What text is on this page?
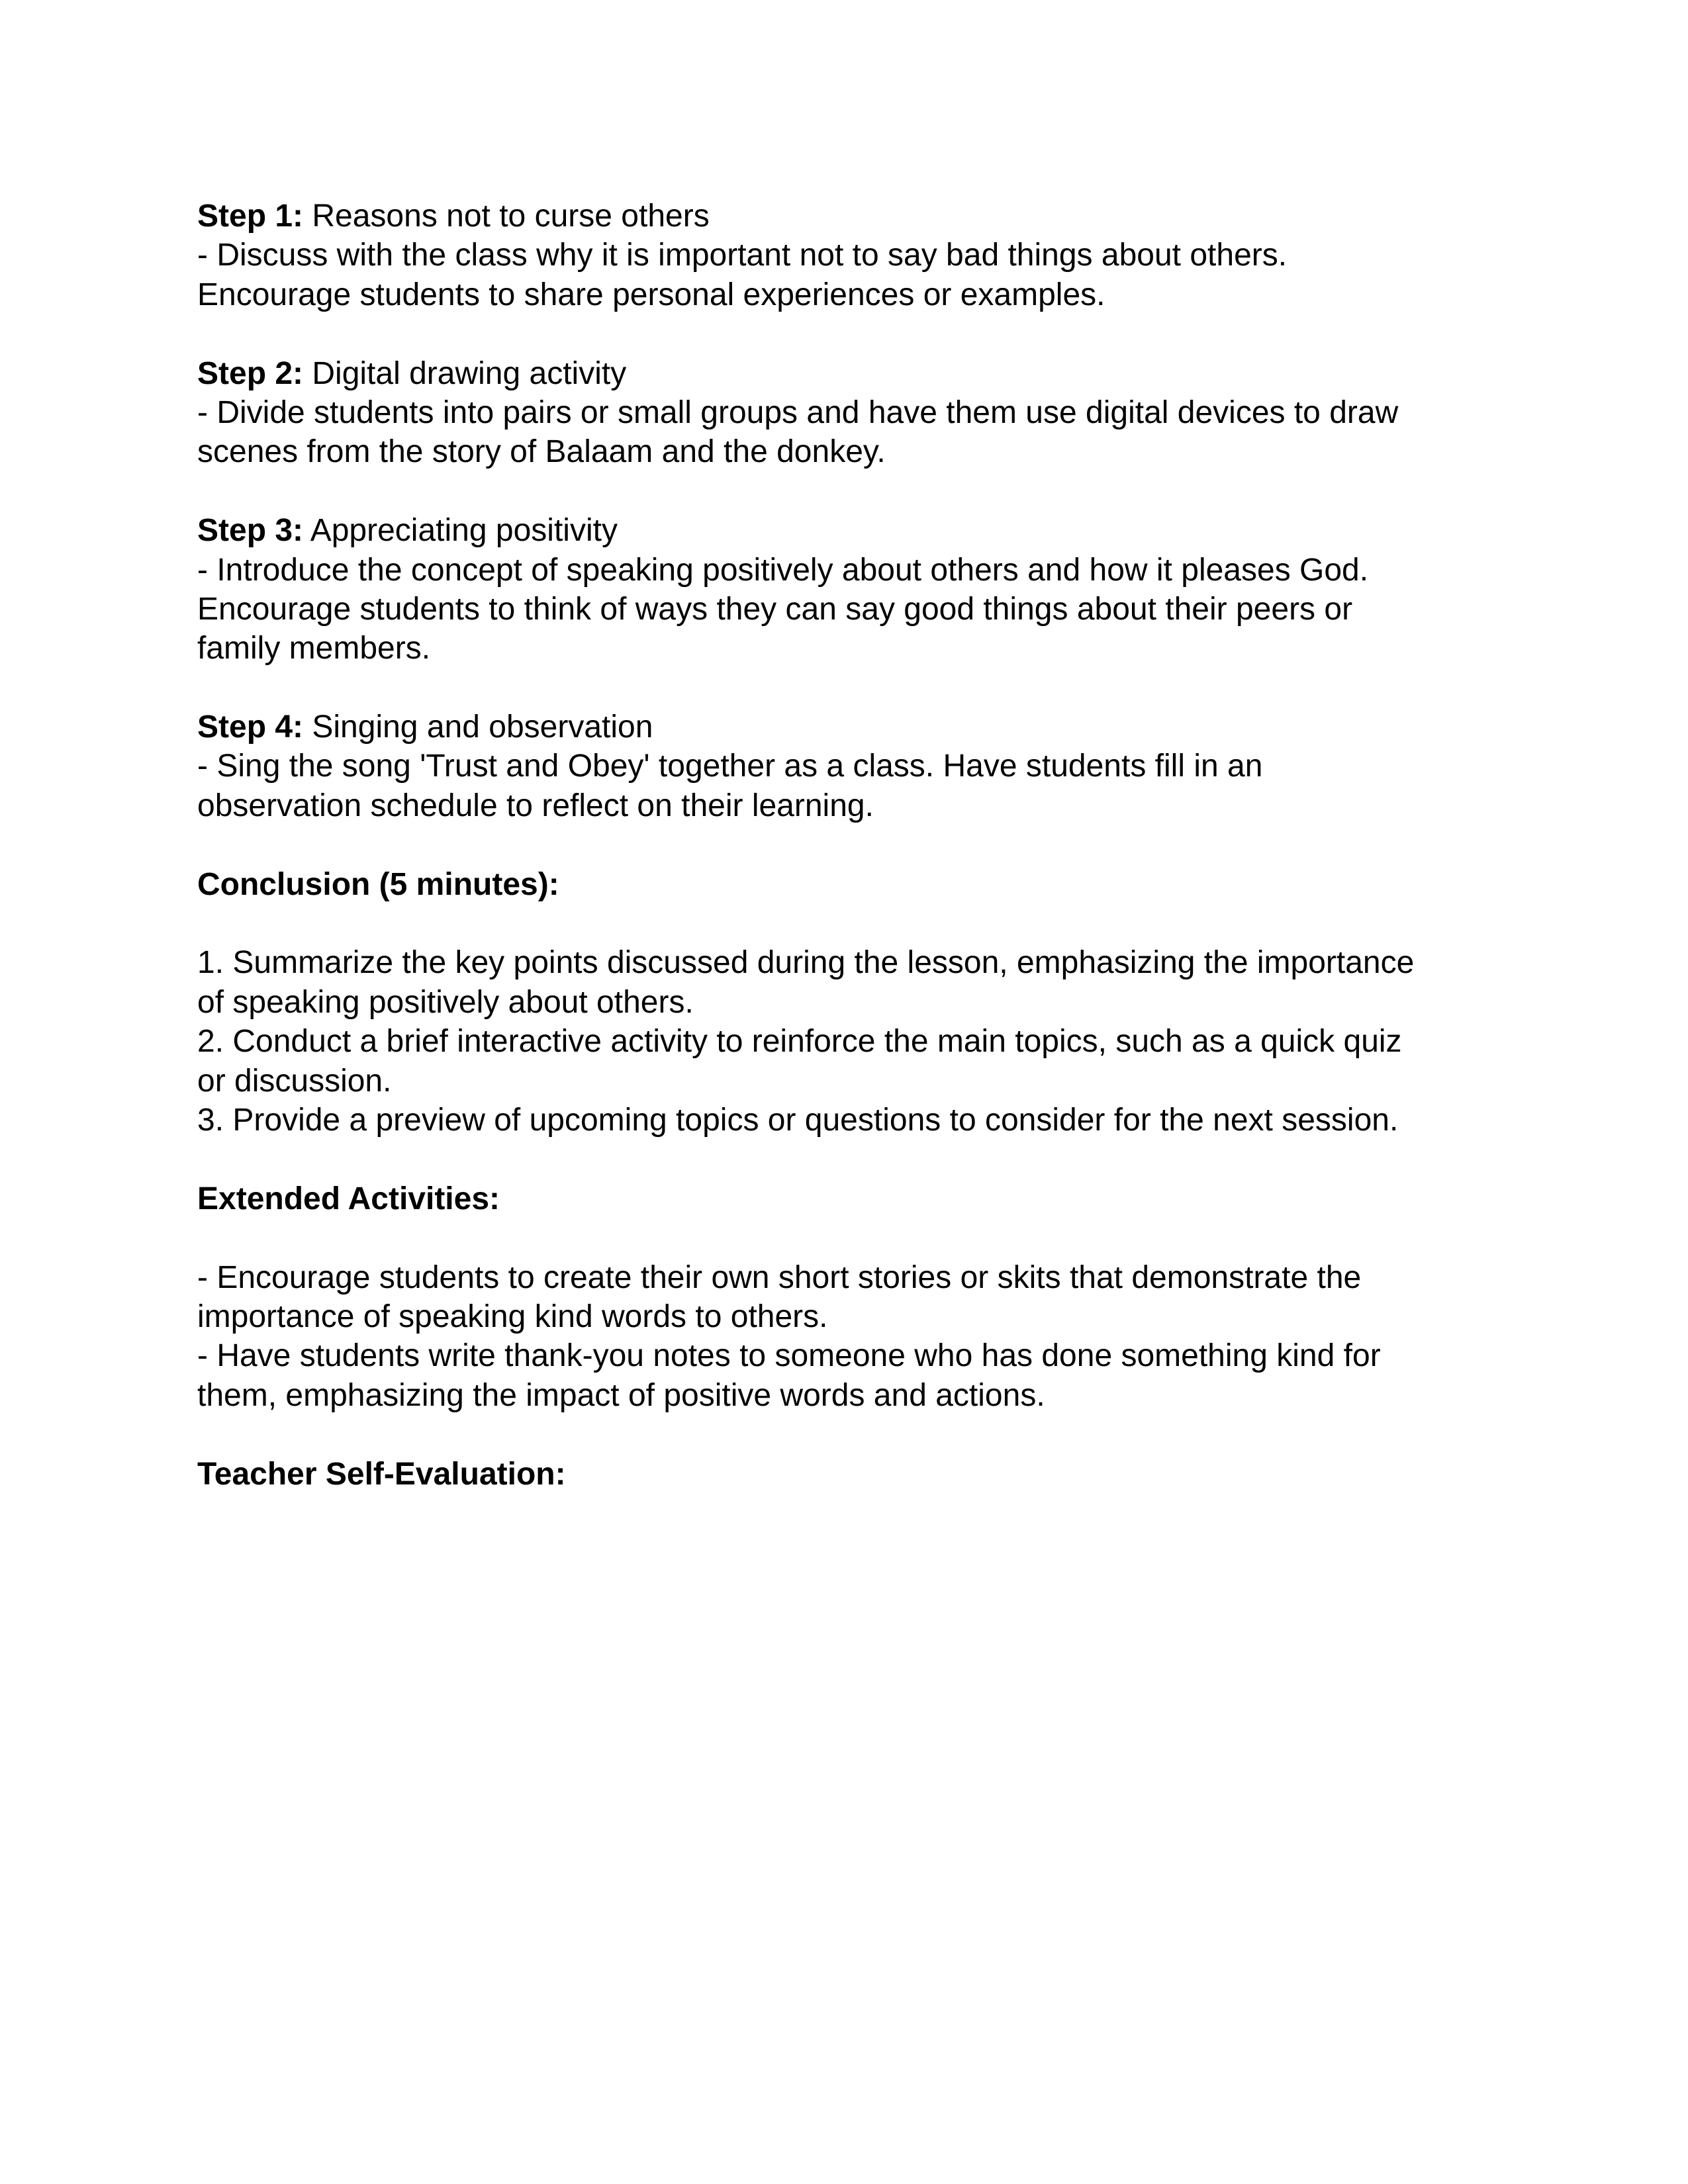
Step 1: Reasons not to curse others
- Discuss with the class why it is important not to say bad things about others.
Encourage students to share personal experiences or examples.
Step 2: Digital drawing activity
- Divide students into pairs or small groups and have them use digital devices to draw
scenes from the story of Balaam and the donkey.
Step 3: Appreciating positivity
- Introduce the concept of speaking positively about others and how it pleases God.
Encourage students to think of ways they can say good things about their peers or
family members.
Step 4: Singing and observation
- Sing the song 'Trust and Obey' together as a class. Have students fill in an
observation schedule to reflect on their learning.
Conclusion (5 minutes):
1. Summarize the key points discussed during the lesson, emphasizing the importance
of speaking positively about others.
2. Conduct a brief interactive activity to reinforce the main topics, such as a quick quiz
or discussion.
3. Provide a preview of upcoming topics or questions to consider for the next session.
Extended Activities:
- Encourage students to create their own short stories or skits that demonstrate the
importance of speaking kind words to others.
- Have students write thank-you notes to someone who has done something kind for
them, emphasizing the impact of positive words and actions.
Teacher Self-Evaluation:
